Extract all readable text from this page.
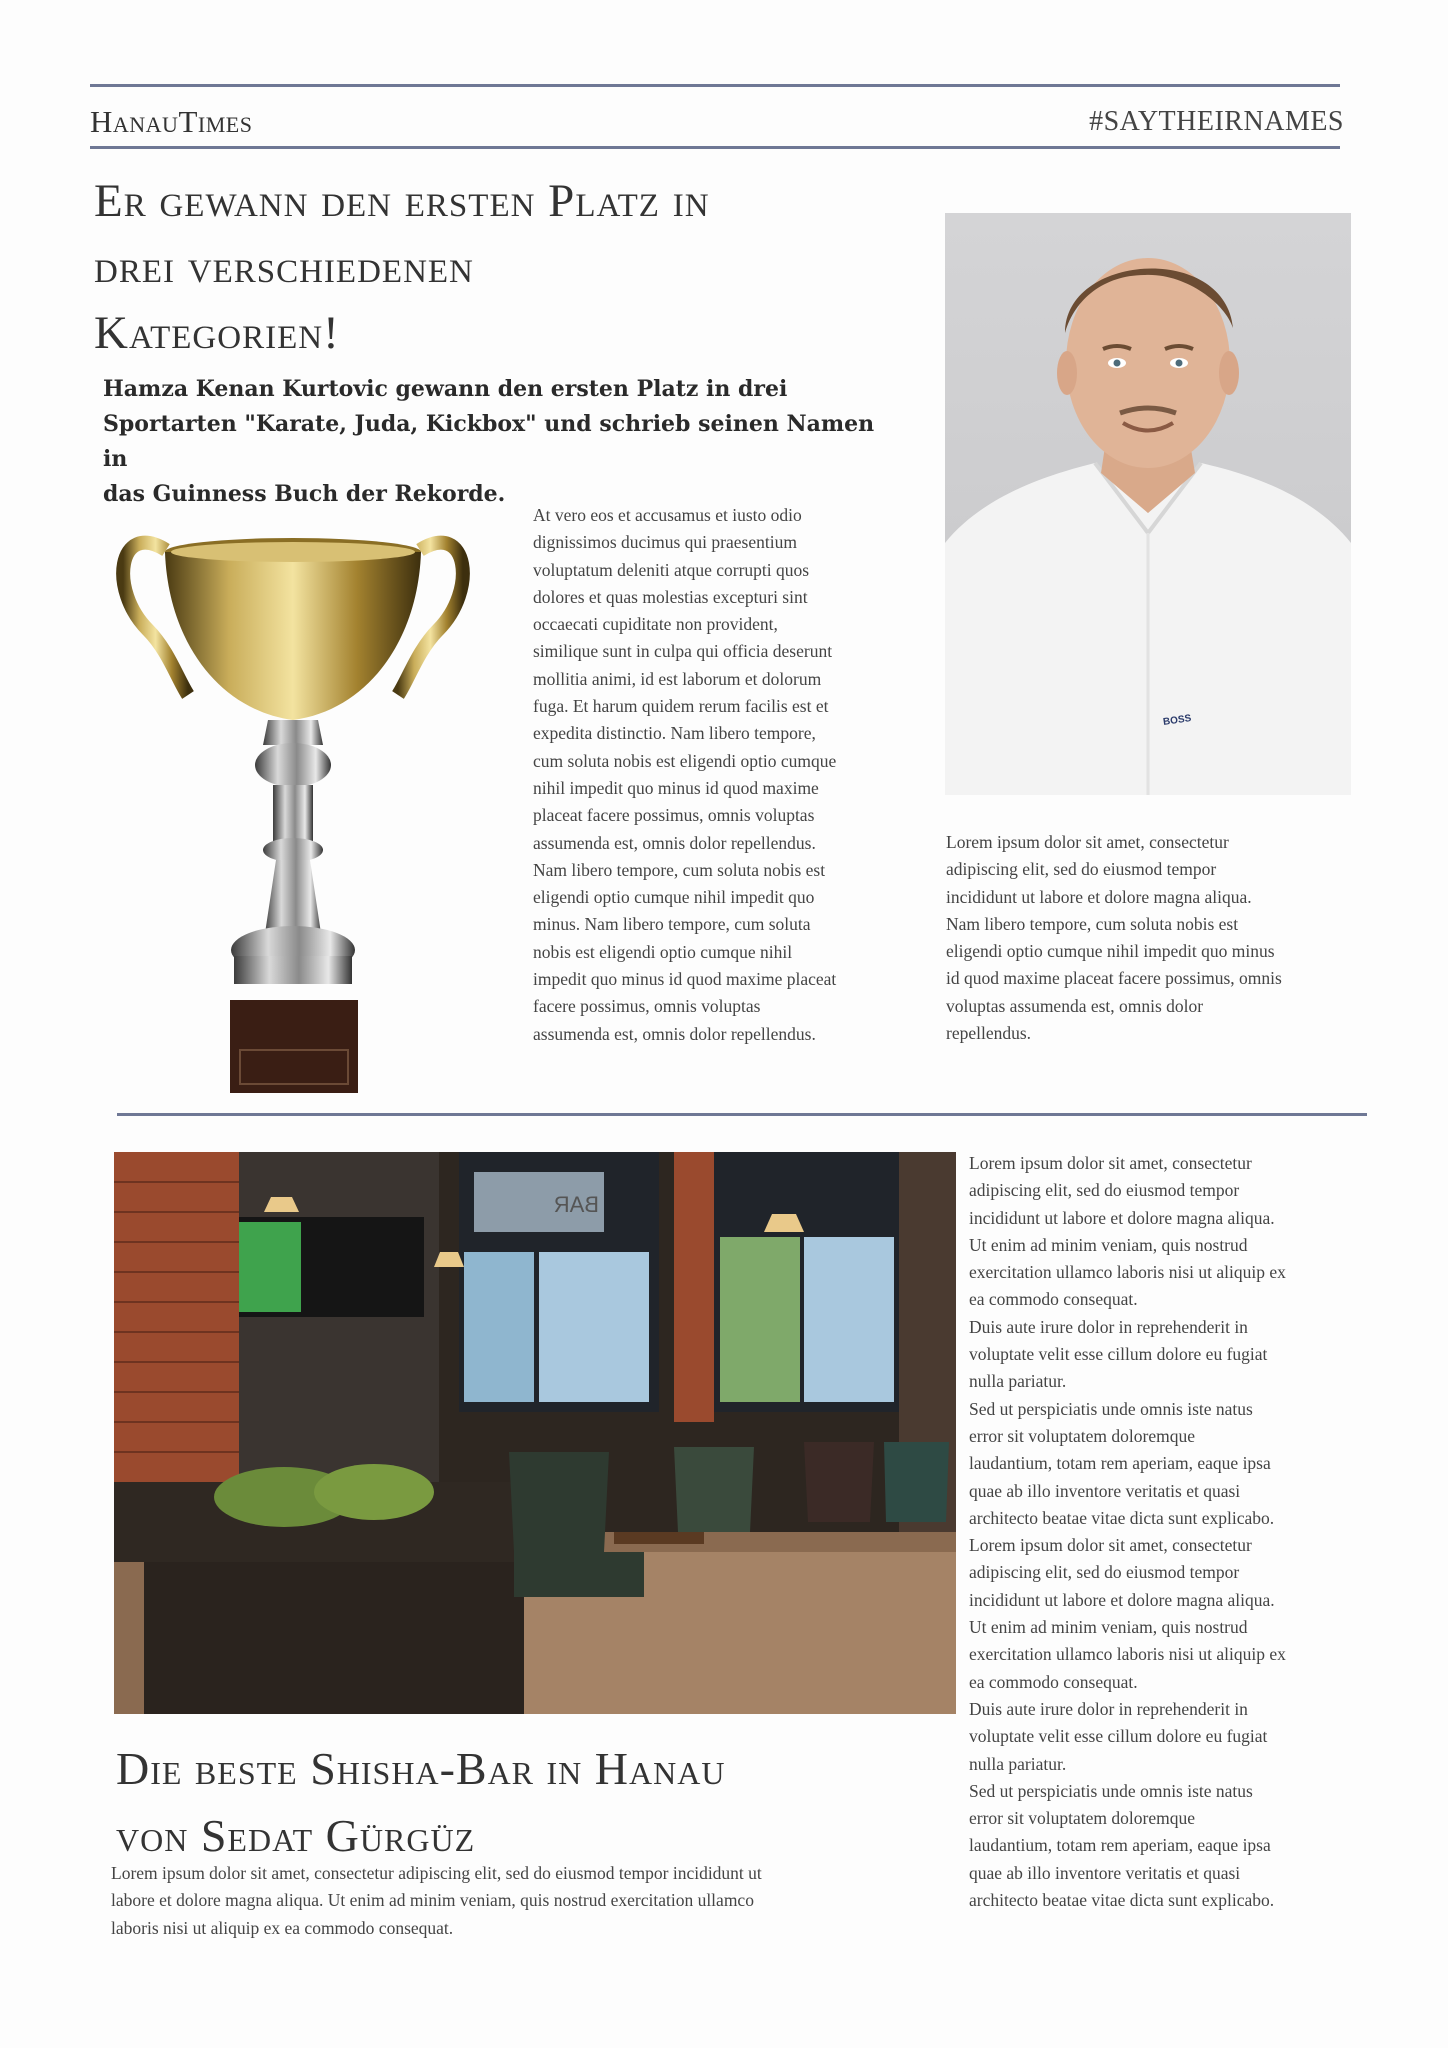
HanauTimes	#SAYTHEIRNAMES
Er gewann den ersten Platz in
drei verschiedenen
Kategorien!
Hamza Kenan Kurtovic gewann den ersten Platz in drei
Sportarten "Karate, Juda, Kickbox" und schrieb seinen Namen in
das Guinness Buch der Rekorde.
At vero eos et accusamus et iusto odio
dignissimos ducimus qui praesentium
voluptatum deleniti atque corrupti quos
dolores et quas molestias excepturi sint
occaecati cupiditate non provident,
similique sunt in culpa qui officia deserunt
mollitia animi, id est laborum et dolorum
fuga. Et harum quidem rerum facilis est et
expedita distinctio. Nam libero tempore,
cum soluta nobis est eligendi optio cumque
nihil impedit quo minus id quod maxime
placeat facere possimus, omnis voluptas
assumenda est, omnis dolor repellendus.
Nam libero tempore, cum soluta nobis est
eligendi optio cumque nihil impedit quo
minus. Nam libero tempore, cum soluta
nobis est eligendi optio cumque nihil
impedit quo minus id quod maxime placeat
facere possimus, omnis voluptas
assumenda est, omnis dolor repellendus.
BOSS
Lorem ipsum dolor sit amet, consectetur
adipiscing elit, sed do eiusmod tempor
incididunt ut labore et dolore magna aliqua.
Nam libero tempore, cum soluta nobis est
eligendi optio cumque nihil impedit quo minus
id quod maxime placeat facere possimus, omnis
voluptas assumenda est, omnis dolor
repellendus.
BAR
Die beste Shisha-Bar in Hanau
von Sedat Gürgüz
Lorem ipsum dolor sit amet, consectetur adipiscing elit, sed do eiusmod tempor incididunt ut
labore et dolore magna aliqua. Ut enim ad minim veniam, quis nostrud exercitation ullamco
laboris nisi ut aliquip ex ea commodo consequat.
Lorem ipsum dolor sit amet, consectetur
adipiscing elit, sed do eiusmod tempor
incididunt ut labore et dolore magna aliqua.
Ut enim ad minim veniam, quis nostrud
exercitation ullamco laboris nisi ut aliquip ex
ea commodo consequat.
Duis aute irure dolor in reprehenderit in
voluptate velit esse cillum dolore eu fugiat
nulla pariatur.
Sed ut perspiciatis unde omnis iste natus
error sit voluptatem doloremque
laudantium, totam rem aperiam, eaque ipsa
quae ab illo inventore veritatis et quasi
architecto beatae vitae dicta sunt explicabo.
Lorem ipsum dolor sit amet, consectetur
adipiscing elit, sed do eiusmod tempor
incididunt ut labore et dolore magna aliqua.
Ut enim ad minim veniam, quis nostrud
exercitation ullamco laboris nisi ut aliquip ex
ea commodo consequat.
Duis aute irure dolor in reprehenderit in
voluptate velit esse cillum dolore eu fugiat
nulla pariatur.
Sed ut perspiciatis unde omnis iste natus
error sit voluptatem doloremque
laudantium, totam rem aperiam, eaque ipsa
quae ab illo inventore veritatis et quasi
architecto beatae vitae dicta sunt explicabo.
